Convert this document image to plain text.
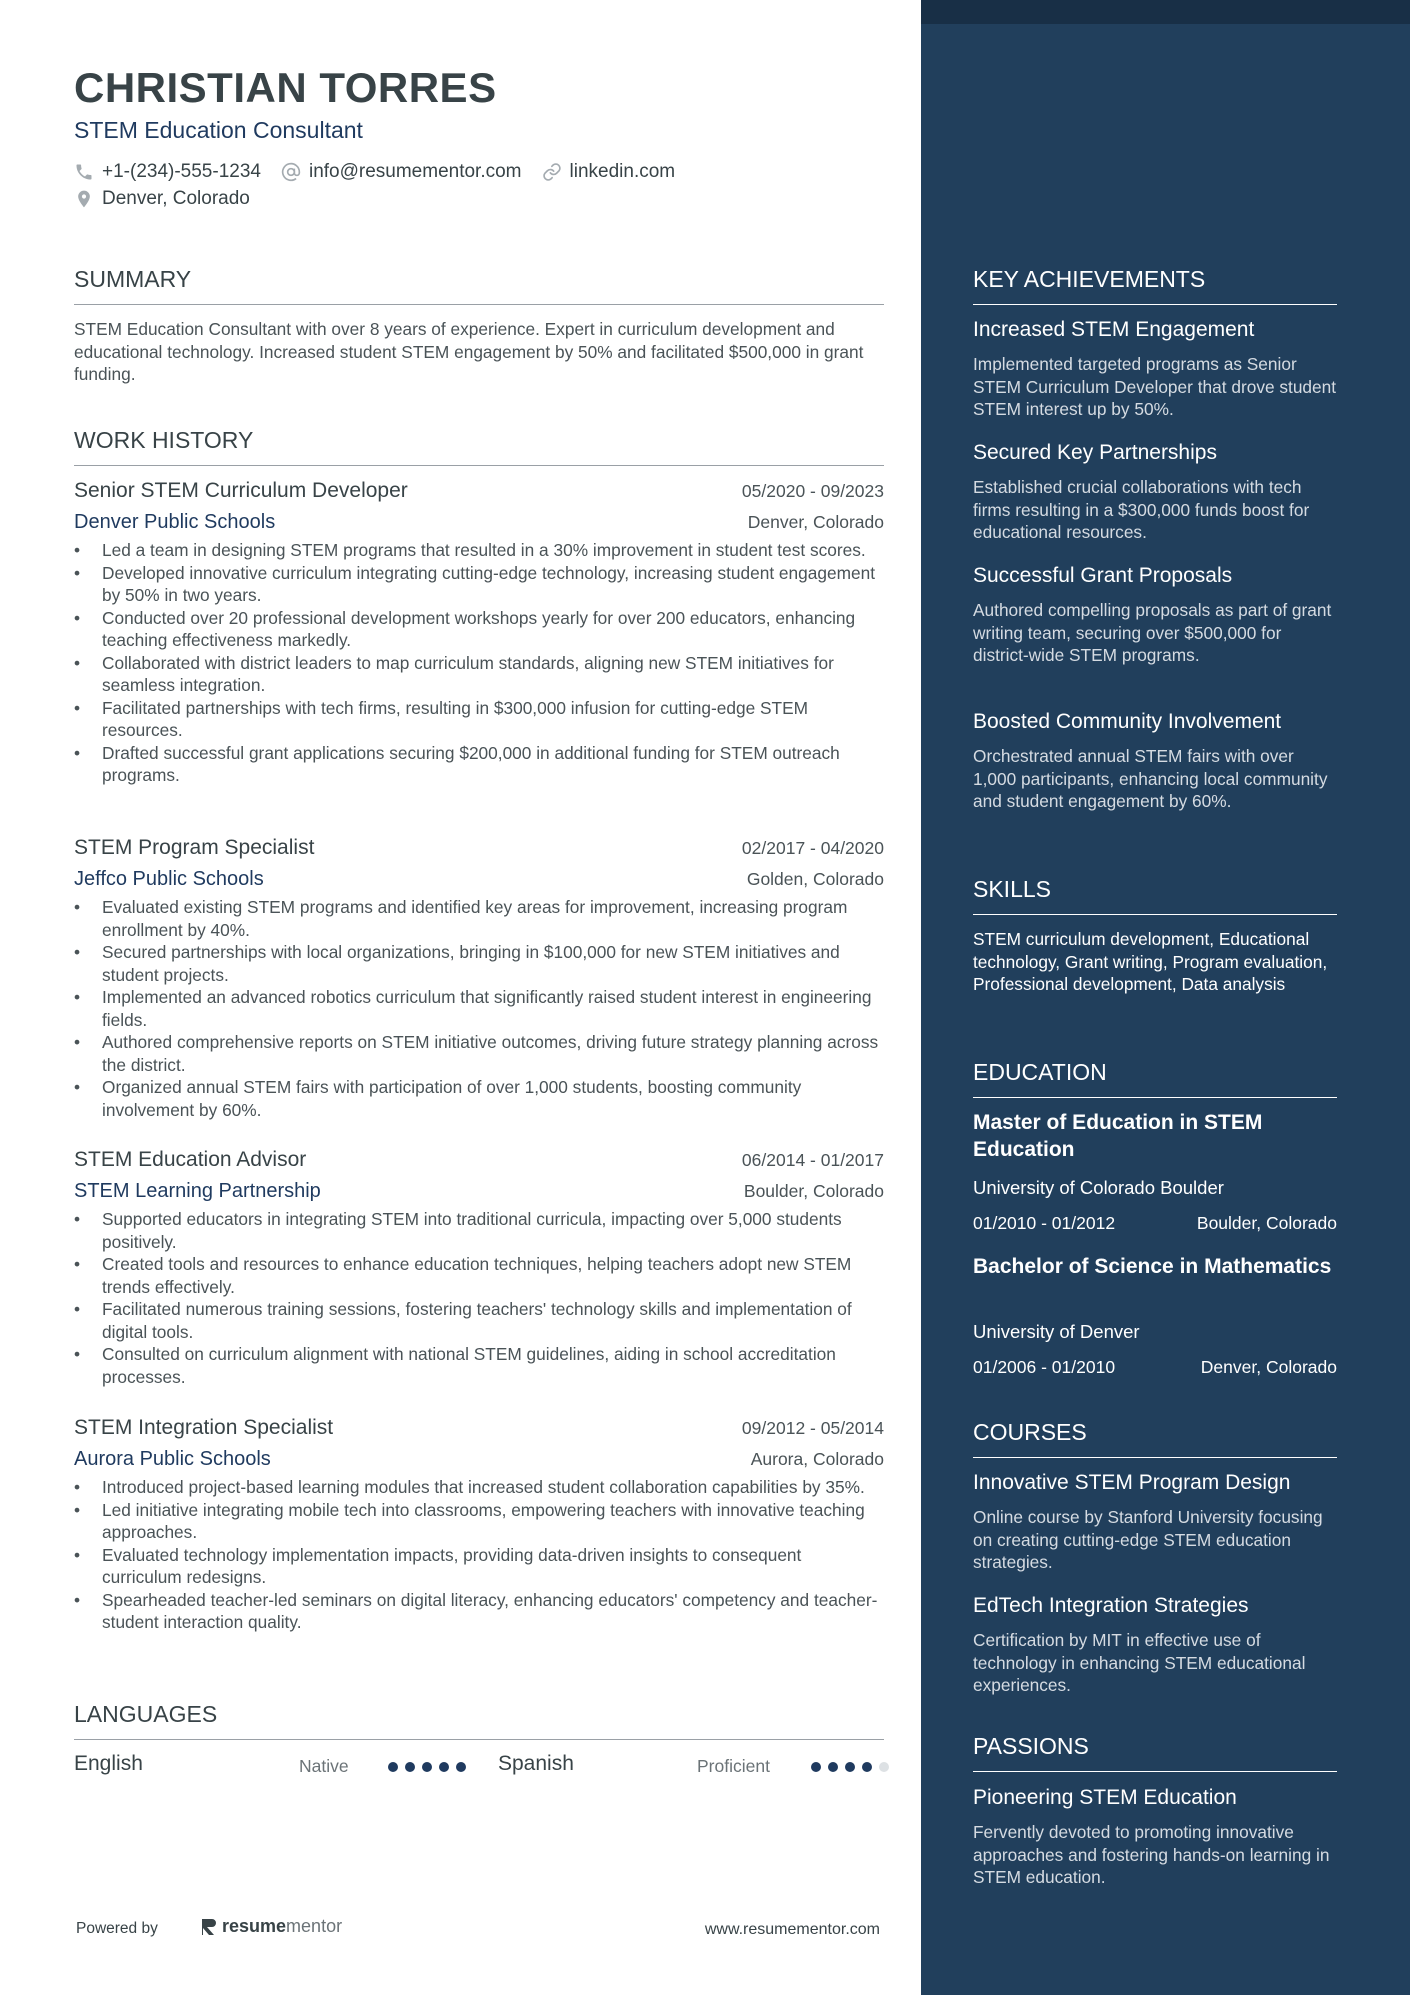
CHRISTIAN TORRES
STEM Education Consultant
+1-(234)-555-1234	info@resumementor.com	linkedin.com
Denver, Colorado
SUMMARY
STEM Education Consultant with over 8 years of experience. Expert in curriculum development and educational technology. Increased student STEM engagement by 50% and facilitated $500,000 in grant funding.
WORK HISTORY
Senior STEM Curriculum Developer	05/2020 - 09/2023
Denver Public Schools	Denver, Colorado
• Led a team in designing STEM programs that resulted in a 30% improvement in student test scores.
• Developed innovative curriculum integrating cutting-edge technology, increasing student engagement by 50% in two years.
• Conducted over 20 professional development workshops yearly for over 200 educators, enhancing teaching effectiveness markedly.
• Collaborated with district leaders to map curriculum standards, aligning new STEM initiatives for seamless integration.
• Facilitated partnerships with tech firms, resulting in $300,000 infusion for cutting-edge STEM resources.
• Drafted successful grant applications securing $200,000 in additional funding for STEM outreach programs.
STEM Program Specialist	02/2017 - 04/2020
Jeffco Public Schools	Golden, Colorado
• Evaluated existing STEM programs and identified key areas for improvement, increasing program enrollment by 40%.
• Secured partnerships with local organizations, bringing in $100,000 for new STEM initiatives and student projects.
• Implemented an advanced robotics curriculum that significantly raised student interest in engineering fields.
• Authored comprehensive reports on STEM initiative outcomes, driving future strategy planning across the district.
• Organized annual STEM fairs with participation of over 1,000 students, boosting community involvement by 60%.
STEM Education Advisor	06/2014 - 01/2017
STEM Learning Partnership	Boulder, Colorado
• Supported educators in integrating STEM into traditional curricula, impacting over 5,000 students positively.
• Created tools and resources to enhance education techniques, helping teachers adopt new STEM trends effectively.
• Facilitated numerous training sessions, fostering teachers' technology skills and implementation of digital tools.
• Consulted on curriculum alignment with national STEM guidelines, aiding in school accreditation processes.
STEM Integration Specialist	09/2012 - 05/2014
Aurora Public Schools	Aurora, Colorado
• Introduced project-based learning modules that increased student collaboration capabilities by 35%.
• Led initiative integrating mobile tech into classrooms, empowering teachers with innovative teaching approaches.
• Evaluated technology implementation impacts, providing data-driven insights to consequent curriculum redesigns.
• Spearheaded teacher-led seminars on digital literacy, enhancing educators' competency and teacher-student interaction quality.
LANGUAGES
English	Native	Spanish	Proficient
Powered by	resume mentor	www.resumementor.com
KEY ACHIEVEMENTS
Increased STEM Engagement
Implemented targeted programs as Senior STEM Curriculum Developer that drove student STEM interest up by 50%.
Secured Key Partnerships
Established crucial collaborations with tech firms resulting in a $300,000 funds boost for educational resources.
Successful Grant Proposals
Authored compelling proposals as part of grant writing team, securing over $500,000 for district-wide STEM programs.
Boosted Community Involvement
Orchestrated annual STEM fairs with over 1,000 participants, enhancing local community and student engagement by 60%.
SKILLS
STEM curriculum development, Educational technology, Grant writing, Program evaluation, Professional development, Data analysis
EDUCATION
Master of Education in STEM Education
University of Colorado Boulder
01/2010 - 01/2012	Boulder, Colorado
Bachelor of Science in Mathematics
University of Denver
01/2006 - 01/2010	Denver, Colorado
COURSES
Innovative STEM Program Design
Online course by Stanford University focusing on creating cutting-edge STEM education strategies.
EdTech Integration Strategies
Certification by MIT in effective use of technology in enhancing STEM educational experiences.
PASSIONS
Pioneering STEM Education
Fervently devoted to promoting innovative approaches and fostering hands-on learning in STEM education.
